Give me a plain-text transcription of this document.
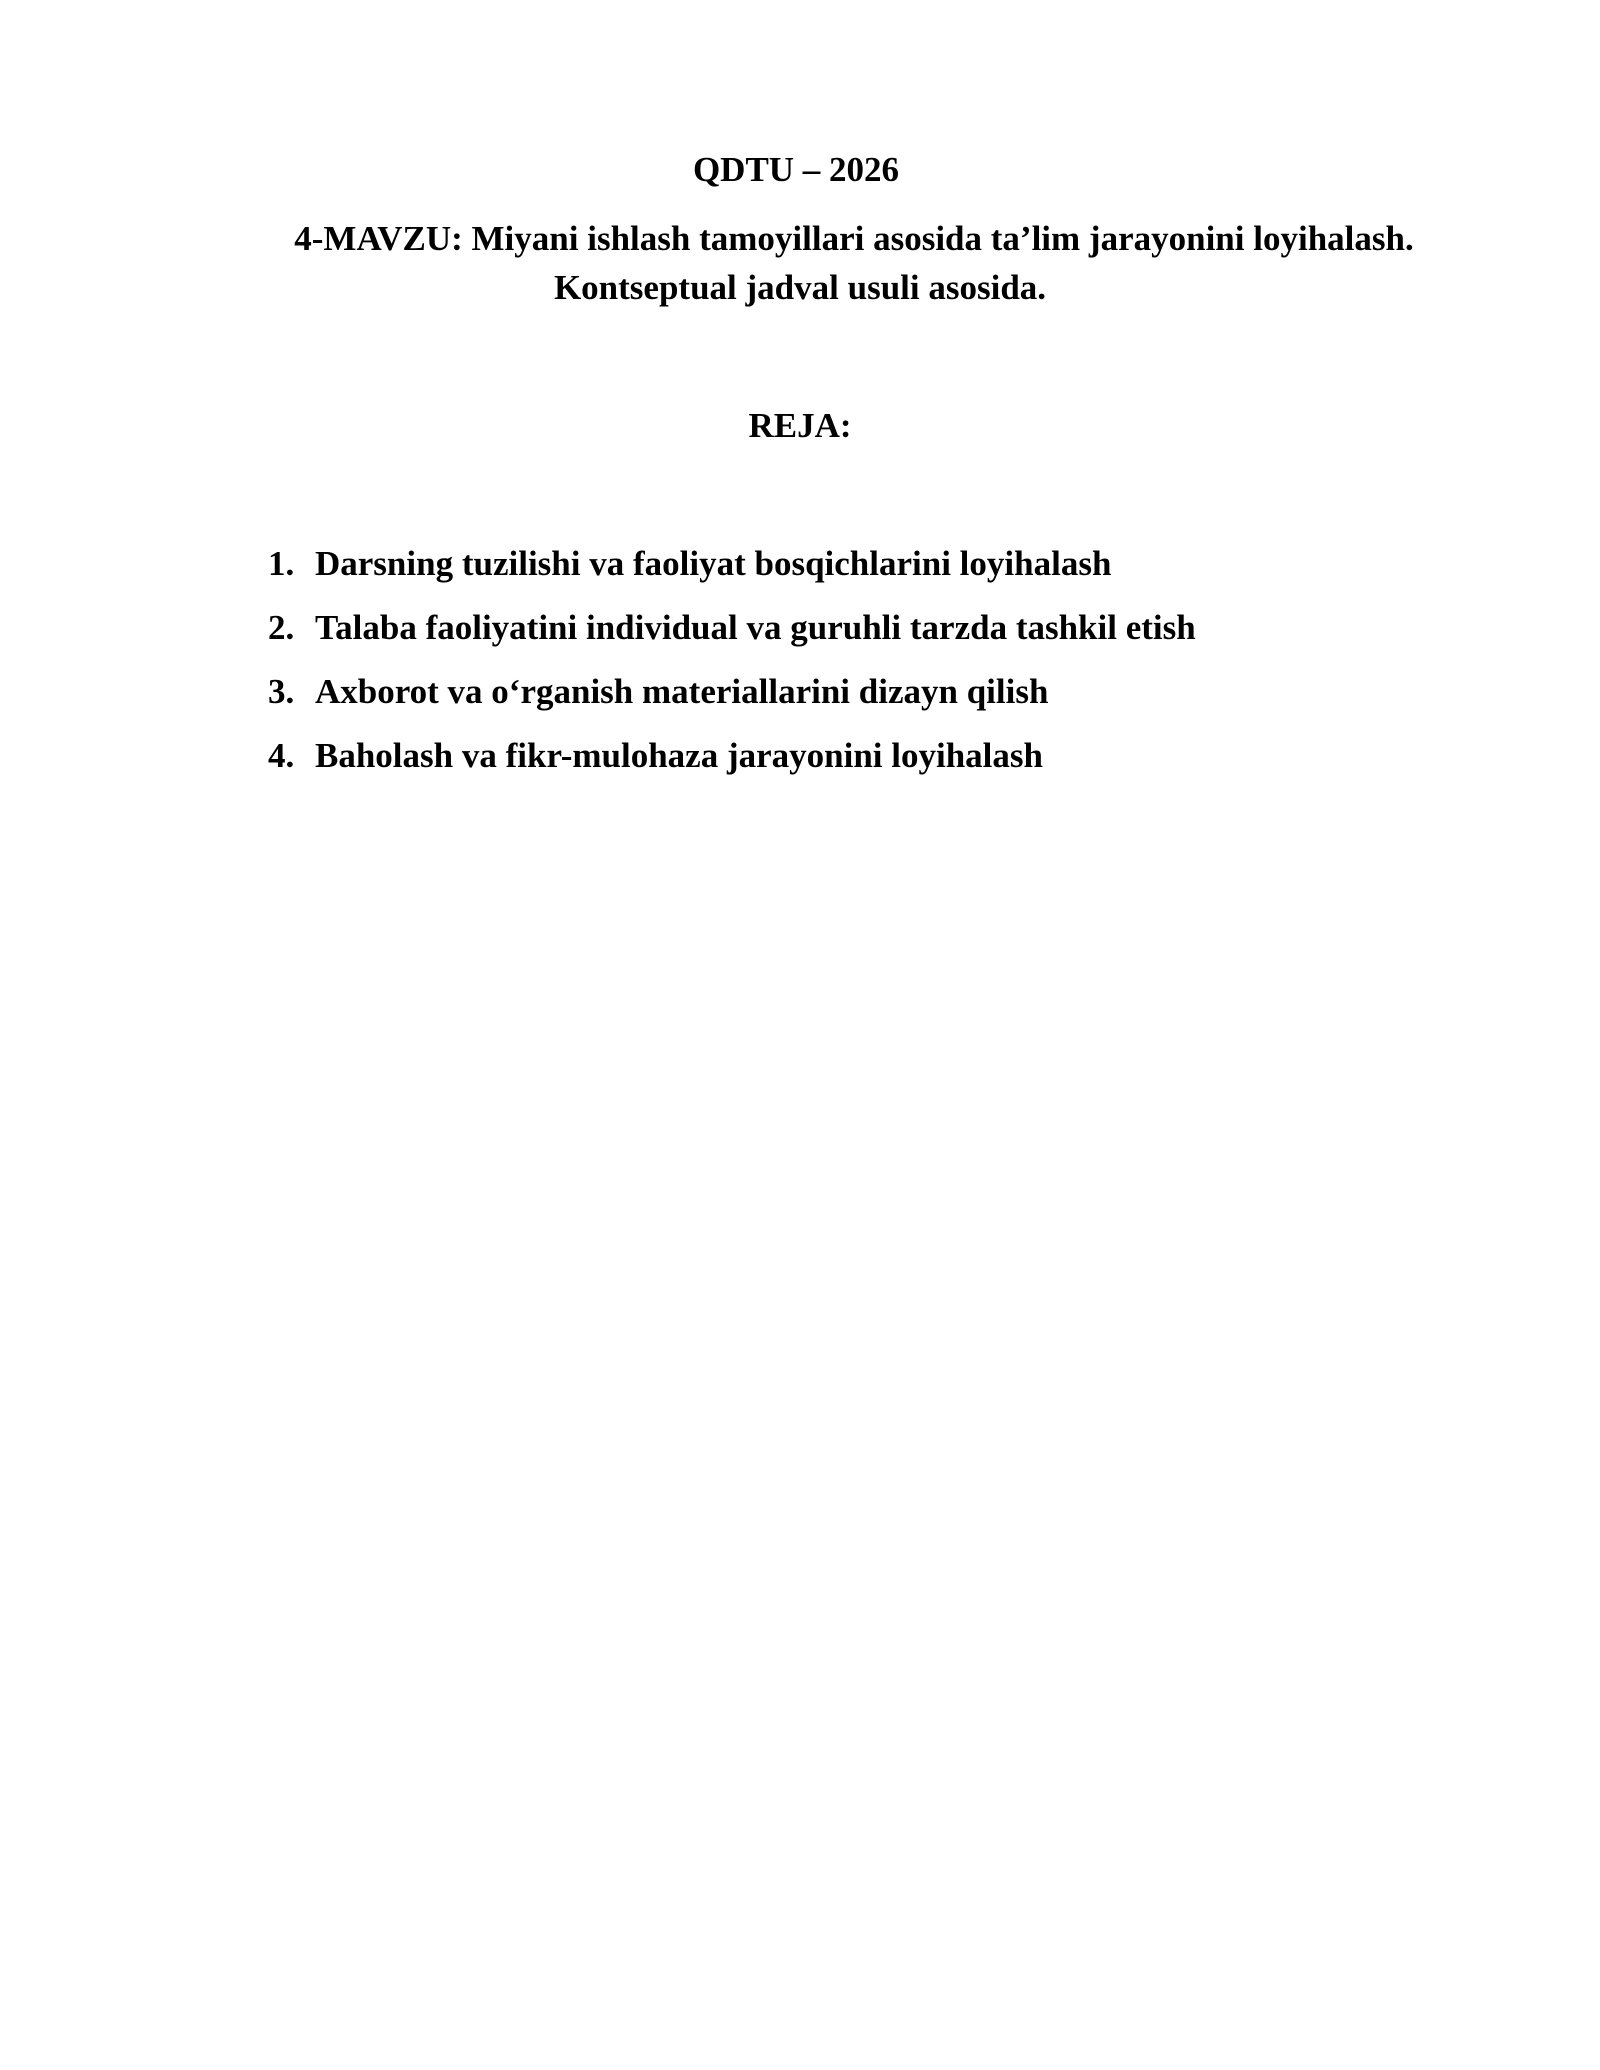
QDTU – 2026

4-MAVZU: Miyani ishlash tamoyillari asosida ta’lim jarayonini loyihalash.

Kontseptual jadval usuli asosida.

REJA:

1. Darsning tuzilishi va faoliyat bosqichlarini loyihalash
2. Talaba faoliyatini individual va guruhli tarzda tashkil etish
3. Axborot va o‘rganish materiallarini dizayn qilish
4. Baholash va fikr-mulohaza jarayonini loyihalash
